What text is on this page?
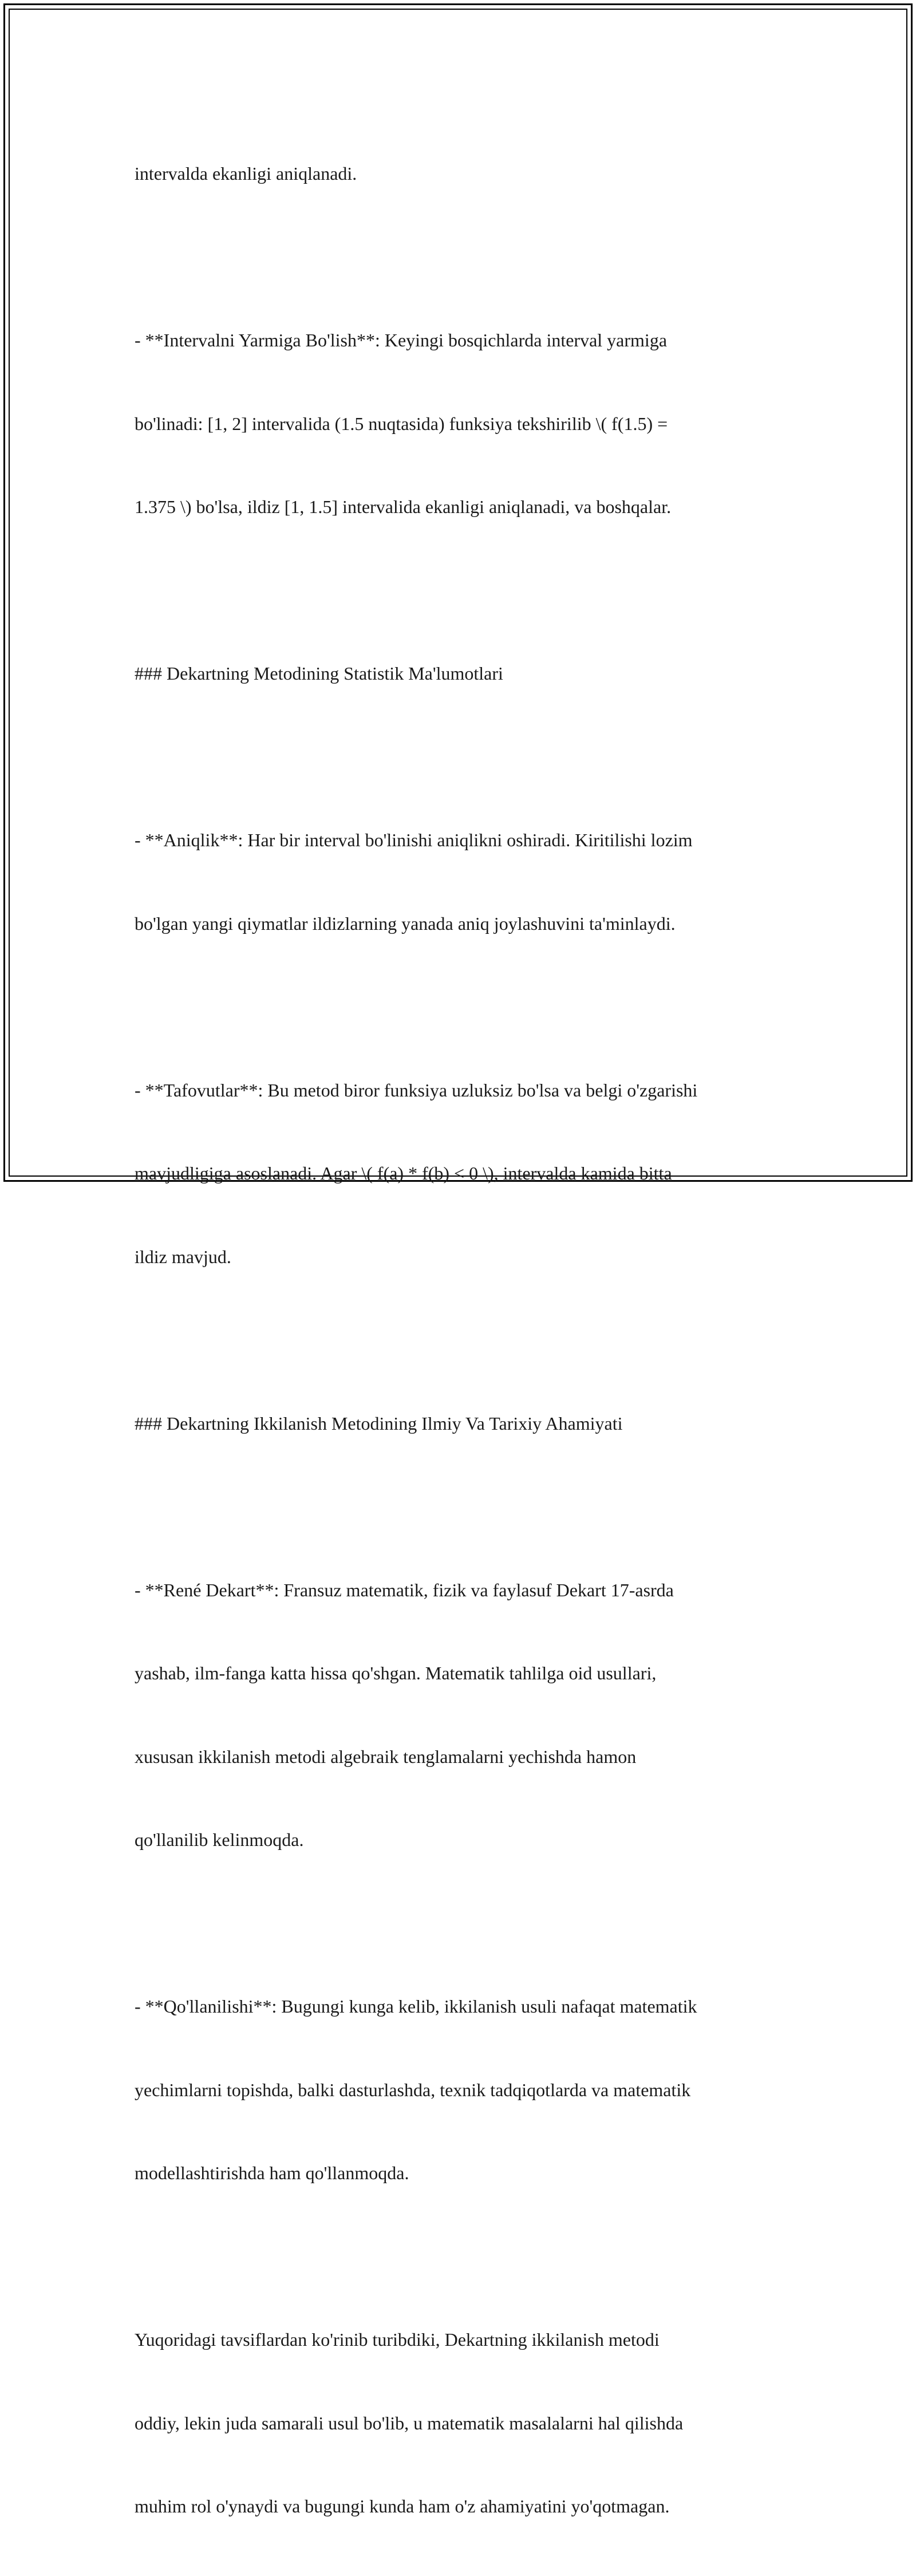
intervalda ekanligi aniqlanadi.

- **Intervalni Yarmiga Bo'lish**: Keyingi bosqichlarda interval yarmiga

bo'linadi: [1, 2] intervalida (1.5 nuqtasida) funksiya tekshirilib \( f(1.5) =

1.375 \) bo'lsa, ildiz [1, 1.5] intervalida ekanligi aniqlanadi, va boshqalar.

### Dekartning Metodining Statistik Ma'lumotlari

- **Aniqlik**: Har bir interval bo'linishi aniqlikni oshiradi. Kiritilishi lozim

bo'lgan yangi qiymatlar ildizlarning yanada aniq joylashuvini ta'minlaydi.

- **Tafovutlar**: Bu metod biror funksiya uzluksiz bo'lsa va belgi o'zgarishi

mavjudligiga asoslanadi. Agar \( f(a) * f(b) < 0 \), intervalda kamida bitta

ildiz mavjud.

### Dekartning Ikkilanish Metodining Ilmiy Va Tarixiy Ahamiyati

- **René Dekart**: Fransuz matematik, fizik va faylasuf Dekart 17-asrda

yashab, ilm-fanga katta hissa qo'shgan. Matematik tahlilga oid usullari,

xususan ikkilanish metodi algebraik tenglamalarni yechishda hamon

qo'llanilib kelinmoqda.

- **Qo'llanilishi**: Bugungi kunga kelib, ikkilanish usuli nafaqat matematik

yechimlarni topishda, balki dasturlashda, texnik tadqiqotlarda va matematik

modellashtirishda ham qo'llanmoqda.

Yuqoridagi tavsiflardan ko'rinib turibdiki, Dekartning ikkilanish metodi

oddiy, lekin juda samarali usul bo'lib, u matematik masalalarni hal qilishda

muhim rol o'ynaydi va bugungi kunda ham o'z ahamiyatini yo'qotmagan.
